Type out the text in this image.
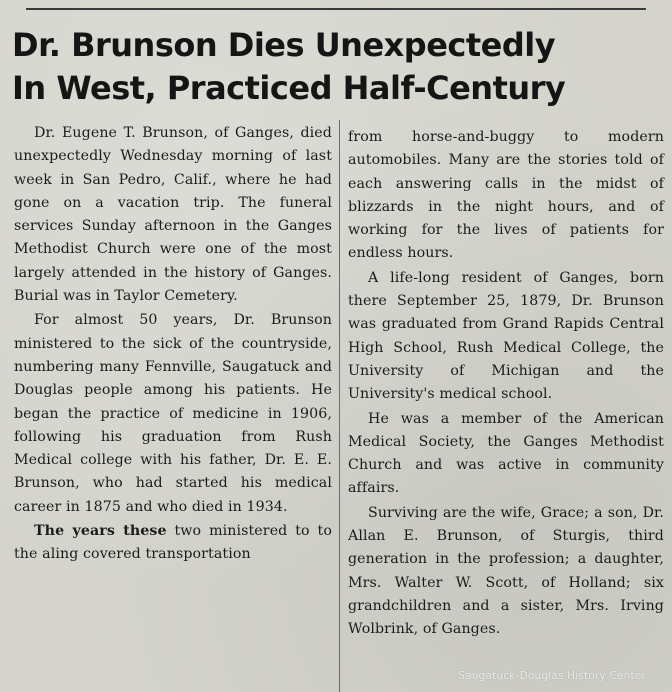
Dr. Brunson Dies Unexpectedly
In West, Practiced Half-Century

Dr. Eugene T. Brunson, of Ganges, died unexpectedly Wednesday morning of last week in San Pedro, Calif., where he had gone on a vacation trip. The funeral services Sunday afternoon in the Ganges Methodist Church were one of the most largely attended in the history of Ganges. Burial was in Taylor Cemetery.

For almost 50 years, Dr. Brunson ministered to the sick of the countryside, numbering many Fennville, Saugatuck and Douglas people among his patients. He began the practice of medicine in 1906, following his graduation from Rush Medical college with his father, Dr. E. E. Brunson, who had started his medical career in 1875 and who died in 1934.

The years these two ministered to to the aling covered transportation

from horse-and-buggy to modern automobiles. Many are the stories told of each answering calls in the midst of blizzards in the night hours, and of working for the lives of patients for endless hours.

A life-long resident of Ganges, born there September 25, 1879, Dr. Brunson was graduated from Grand Rapids Central High School, Rush Medical College, the University of Michigan and the University's medical school.

He was a member of the American Medical Society, the Ganges Methodist Church and was active in community affairs.

Surviving are the wife, Grace; a son, Dr. Allan E. Brunson, of Sturgis, third generation in the profession; a daughter, Mrs. Walter W. Scott, of Holland; six grandchildren and a sister, Mrs. Irving Wolbrink, of Ganges.

Saugatuck-Douglas History Center
